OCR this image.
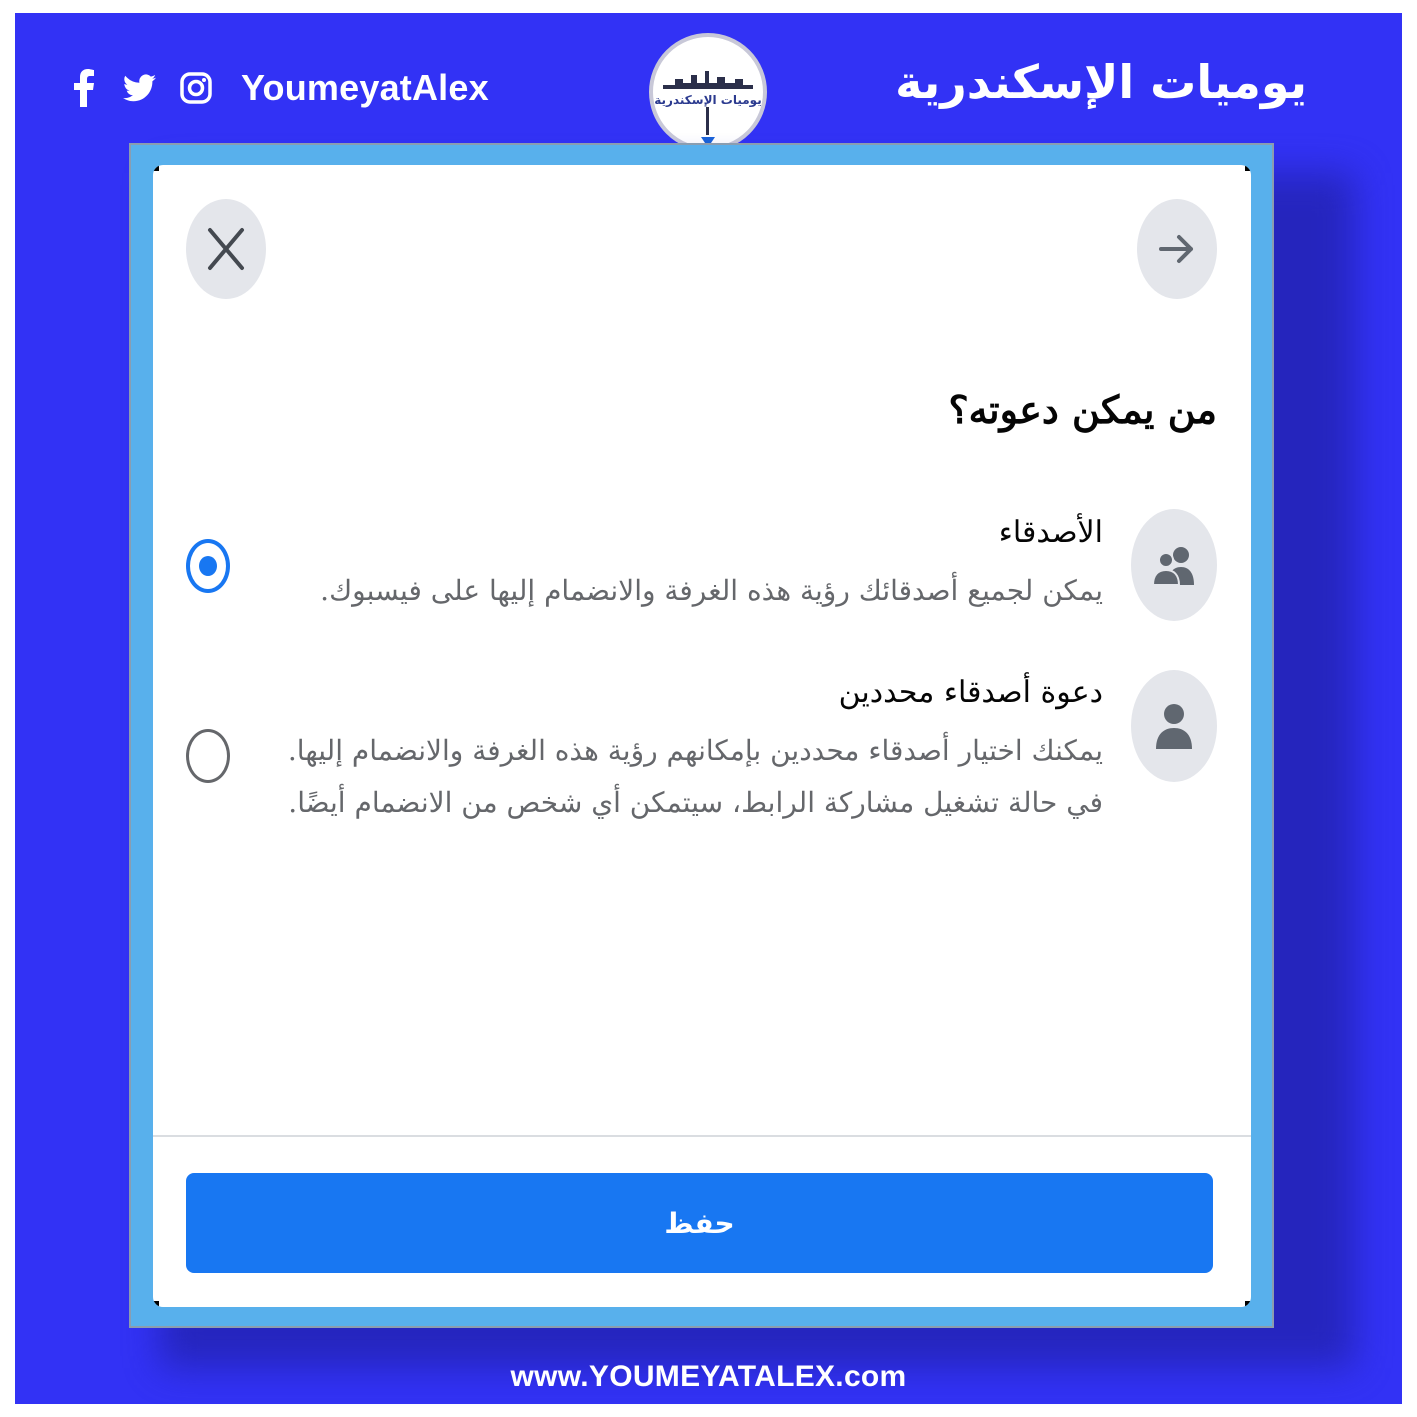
YoumeyatAlex	يوميات الإسكندرية	يوميات الإسكندرية
من يمكن دعوته؟
الأصدقاء
يمكن لجميع أصدقائك رؤية هذه الغرفة والانضمام إليها على فيسبوك.
دعوة أصدقاء محددين
يمكنك اختيار أصدقاء محددين بإمكانهم رؤية هذه الغرفة والانضمام إليها. في حالة تشغيل مشاركة الرابط، سيتمكن أي شخص من الانضمام أيضًا.
حفظ
www.YOUMEYATALEX.com
